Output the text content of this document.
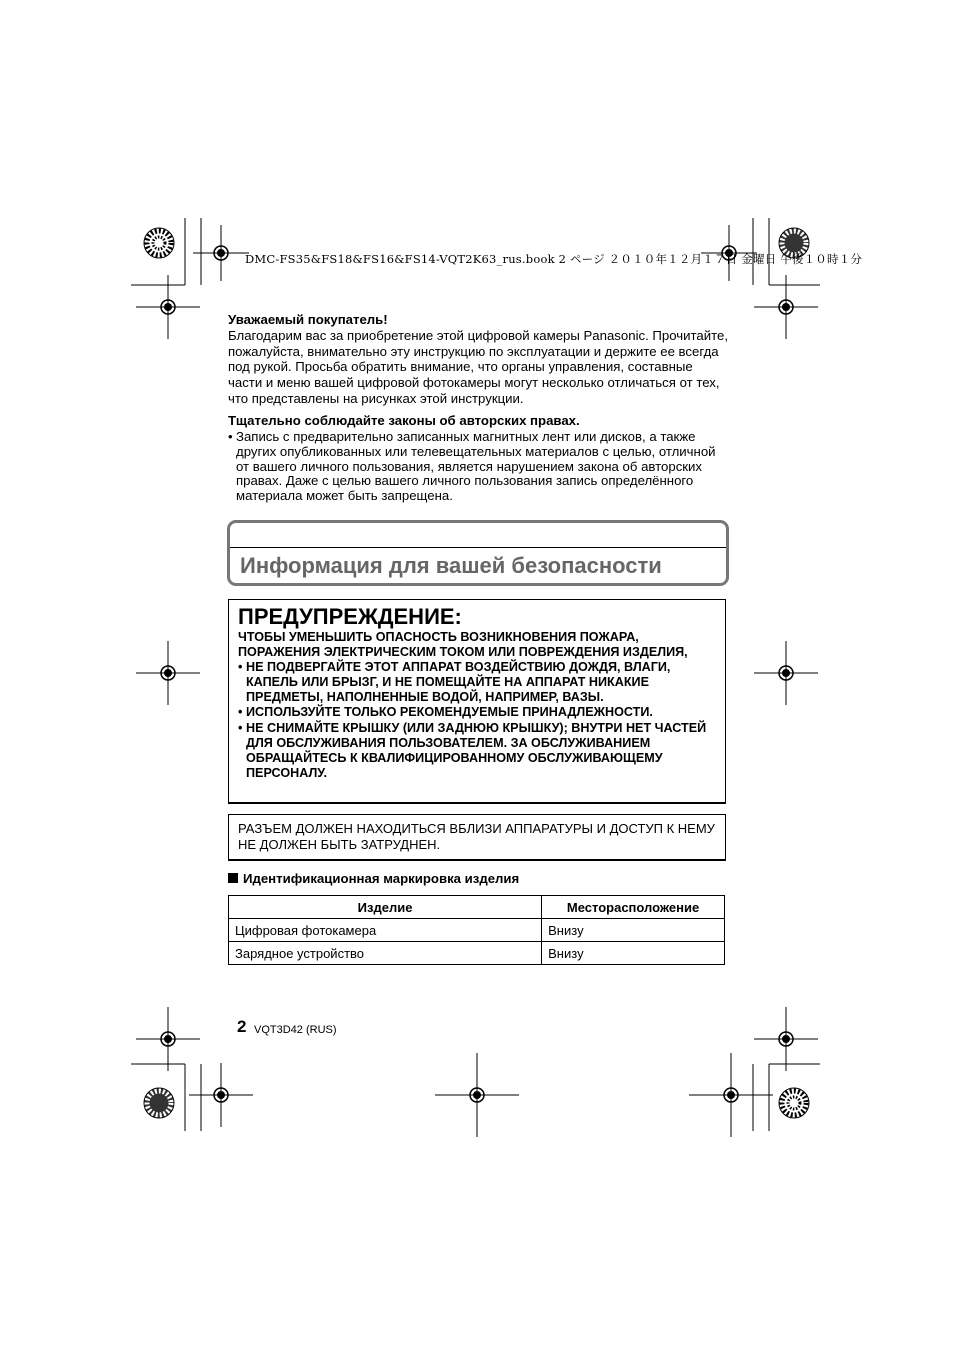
DMC-FS35&FS18&FS16&FS14-VQT2K63_rus.book 2 ページ ２０１０年１２月１７日 金曜日 午後１０時１分
Уважаемый покупатель!
Благодарим вас за приобретение этой цифровой камеры Panasonic. Прочитайте, пожалуйста, внимательно эту инструкцию по эксплуатации и держите ее всегда под рукой. Просьба обратить внимание, что органы управления, составные части и меню вашей цифровой фотокамеры могут несколько отличаться от тех, что представлены на рисунках этой инструкции.
Тщательно соблюдайте законы об авторских правах.
• Запись с предварительно записанных магнитных лент или дисков, а также других опубликованных или телевещательных материалов с целью, отличной от вашего личного пользования, является нарушением закона об авторских правах. Даже с целью вашего личного пользования запись определённого материала может быть запрещена.
Информация для вашей безопасности
ПРЕДУПРЕЖДЕНИЕ:
ЧТОБЫ УМЕНЬШИТЬ ОПАСНОСТЬ ВОЗНИКНОВЕНИЯ ПОЖАРА, ПОРАЖЕНИЯ ЭЛЕКТРИЧЕСКИМ ТОКОМ ИЛИ ПОВРЕЖДЕНИЯ ИЗДЕЛИЯ,
• НЕ ПОДВЕРГАЙТЕ ЭТОТ АППАРАТ ВОЗДЕЙСТВИЮ ДОЖДЯ, ВЛАГИ, КАПЕЛЬ ИЛИ БРЫЗГ, И НЕ ПОМЕЩАЙТЕ НА АППАРАТ НИКАКИЕ ПРЕДМЕТЫ, НАПОЛНЕННЫЕ ВОДОЙ, НАПРИМЕР, ВАЗЫ.
• ИСПОЛЬЗУЙТЕ ТОЛЬКО РЕКОМЕНДУЕМЫЕ ПРИНАДЛЕЖНОСТИ.
• НЕ СНИМАЙТЕ КРЫШКУ (ИЛИ ЗАДНЮЮ КРЫШКУ); ВНУТРИ НЕТ ЧАСТЕЙ ДЛЯ ОБСЛУЖИВАНИЯ ПОЛЬЗОВАТЕЛЕМ. ЗА ОБСЛУЖИВАНИЕМ ОБРАЩАЙТЕСЬ К КВАЛИФИЦИРОВАННОМУ ОБСЛУЖИВАЮЩЕМУ ПЕРСОНАЛУ.
РАЗЪЕМ ДОЛЖЕН НАХОДИТЬСЯ ВБЛИЗИ АППАРАТУРЫ И ДОСТУП К НЕМУ НЕ ДОЛЖЕН БЫТЬ ЗАТРУДНЕН.
Идентификационная маркировка изделия
Изделие	Месторасположение
Цифровая фотокамера	Внизу
Зарядное устройство	Внизу
2 VQT3D42 (RUS)
